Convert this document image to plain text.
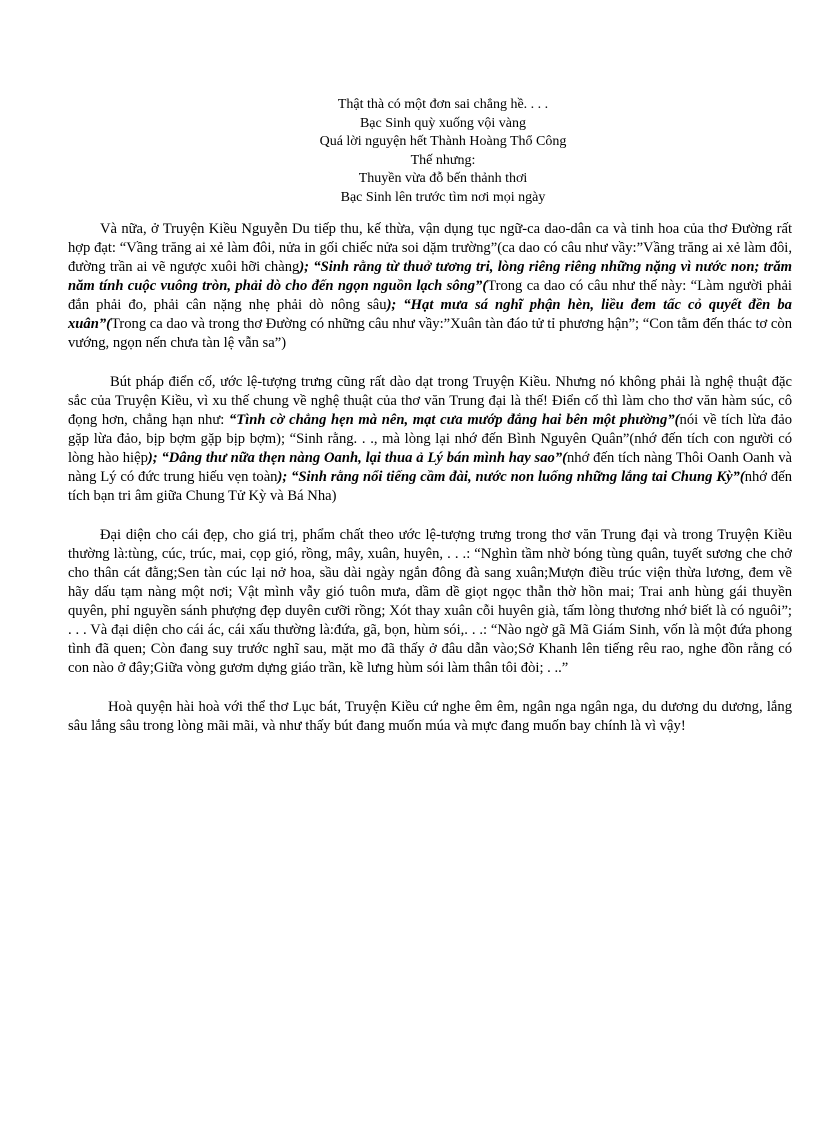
Thật thà có một đơn sai chẳng hề. . . .
Bạc Sinh quỳ xuống vội vàng
Quá lời nguyện hết Thành Hoàng Thổ Công
Thế nhưng:
Thuyền vừa đỗ bến thảnh thơi
Bạc Sinh lên trước tìm nơi mọi ngày

Và nữa, ở Truyện Kiều Nguyễn Du tiếp thu, kế thừa, vận dụng tục ngữ-ca dao-dân ca và tinh hoa của thơ Đường rất hợp đạt: “Vầng trăng ai xẻ làm đôi, nửa in gối chiếc nửa soi dặm trường”(ca dao có câu như vầy:”Vầng trăng ai xẻ làm đôi, đường trần ai vẽ ngược xuôi hỡi chàng); “Sinh rằng từ thuở tương tri, lòng riêng riêng những nặng vì nước non; trăm năm tính cuộc vuông tròn, phải dò cho đến ngọn nguồn lạch sông”(Trong ca dao có câu như thế này: “Làm người phải đắn phải đo, phải cân nặng nhẹ phải dò nông sâu); “Hạt mưa sá nghĩ phận hèn, liều đem tấc cỏ quyết đền ba xuân”(Trong ca dao và trong thơ Đường có những câu như vầy:”Xuân tàn đáo tử tỉ phương hận”; “Con tằm đến thác tơ còn vướng, ngọn nến chưa tàn lệ vẫn sa”)

Bút pháp điển cố, ước lệ-tượng trưng cũng rất dào dạt trong Truyện Kiều. Nhưng nó không phải là nghệ thuật đặc sắc của Truyện Kiều, vì xu thế chung về nghệ thuật của thơ văn Trung đại là thế! Điển cố thì làm cho thơ văn hàm súc, cô đọng hơn, chẳng hạn như: “Tình cờ chẳng hẹn mà nên, mạt cưa mướp đắng hai bên một phường”(nói về tích lừa đảo gặp lừa đảo, bịp bợm gặp bịp bợm); “Sinh rằng. . ., mà lòng lại nhớ đến Bình Nguyên Quân”(nhớ đến tích con người có lòng hào hiệp); “Dâng thư nữa thẹn nàng Oanh, lại thua ả Lý bán mình hay sao”(nhớ đến tích nàng Thôi Oanh Oanh và nàng Lý có đức trung hiếu vẹn toàn); “Sinh rằng nổi tiếng cầm đài, nước non luống những lắng tai Chung Kỳ”(nhớ đến tích bạn tri âm giữa Chung Tử Kỳ và Bá Nha)

Đại diện cho cái đẹp, cho giá trị, phẩm chất theo ước lệ-tượng trưng trong thơ văn Trung đại và trong Truyện Kiều thường là:tùng, cúc, trúc, mai, cọp gió, rồng, mây, xuân, huyên, . . .: “Nghìn tầm nhờ bóng tùng quân, tuyết sương che chở cho thân cát đằng;Sen tàn cúc lại nở hoa, sầu dài ngày ngắn đông đà sang xuân;Mượn điều trúc viện thừa lương, đem về hãy dấu tạm nàng một nơi; Vật mình vẫy gió tuôn mưa, dầm dề giọt ngọc thẫn thờ hồn mai; Trai anh hùng gái thuyền quyên, phỉ nguyền sánh phượng đẹp duyên cưỡi rồng; Xót thay xuân cỗi huyên già, tấm lòng thương nhớ biết là có nguôi”; . . . Và đại diện cho cái ác, cái xấu thường là:đứa, gã, bọn, hùm sói,. . .: “Nào ngờ gã Mã Giám Sinh, vốn là một đứa phong tình đã quen; Còn đang suy trước nghĩ sau, mặt mo đã thấy ở đâu dẫn vào;Sở Khanh lên tiếng rêu rao, nghe đồn rằng có con nào ở đây;Giữa vòng gươm dựng giáo trần, kề lưng hùm sói làm thân tôi đòi; . ..”

Hoà quyện hài hoà với thể thơ Lục bát, Truyện Kiều cứ nghe êm êm, ngân nga ngân nga, du dương du dương, lắng sâu lắng sâu trong lòng mãi mãi, và như thấy bút đang muốn múa và mực đang muốn bay chính là vì vậy!
